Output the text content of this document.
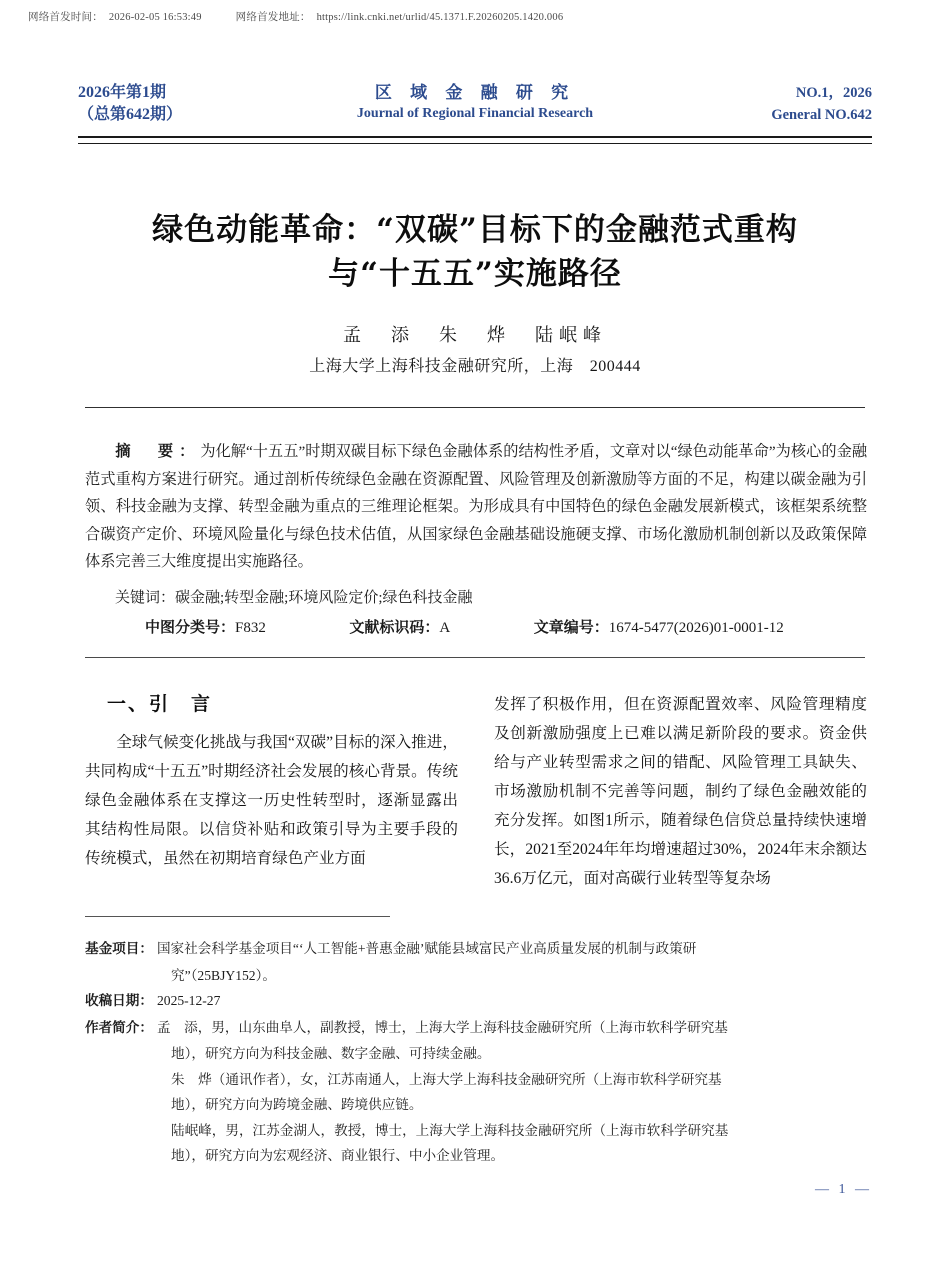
网络首发时间： 2026-02-05 16:53:49	网络首发地址： https://link.cnki.net/urlid/45.1371.F.20260205.1420.006
2026年第1期
（总第642期）
区 域 金 融 研 究
Journal of Regional Financial Research
NO.1，2026
General NO.642
绿色动能革命：“双碳”目标下的金融范式重构
与“十五五”实施路径
孟　添　朱　烨　陆岷峰
上海大学上海科技金融研究所，上海　200444
摘　要：为化解“十五五”时期双碳目标下绿色金融体系的结构性矛盾，文章对以“绿色动能革命”为核心的金融范式重构方案进行研究。通过剖析传统绿色金融在资源配置、风险管理及创新激励等方面的不足，构建以碳金融为引领、科技金融为支撑、转型金融为重点的三维理论框架。为形成具有中国特色的绿色金融发展新模式，该框架系统整合碳资产定价、环境风险量化与绿色技术估值，从国家绿色金融基础设施硬支撑、市场化激励机制创新以及政策保障体系完善三大维度提出实施路径。
关键词：碳金融;转型金融;环境风险定价;绿色科技金融
中图分类号：F832	文献标识码：A	文章编号：1674-5477(2026)01-0001-12
一、引　言

全球气候变化挑战与我国“双碳”目标的深入推进，共同构成“十五五”时期经济社会发展的核心背景。传统绿色金融体系在支撑这一历史性转型时，逐渐显露出其结构性局限。以信贷补贴和政策引导为主要手段的传统模式，虽然在初期培育绿色产业方面

发挥了积极作用，但在资源配置效率、风险管理精度及创新激励强度上已难以满足新阶段的要求。资金供给与产业转型需求之间的错配、风险管理工具缺失、市场激励机制不完善等问题，制约了绿色金融效能的充分发挥。如图1所示，随着绿色信贷总量持续快速增长，2021至2024年年均增速超过30%，2024年末余额达36.6万亿元，面对高碳行业转型等复杂场

基金项目： 国家社会科学基金项目“‘人工智能+普惠金融’赋能县域富民产业高质量发展的机制与政策研
究”（25BJY152）。
收稿日期： 2025-12-27
作者简介： 孟　添，男，山东曲阜人，副教授，博士，上海大学上海科技金融研究所（上海市软科学研究基
地），研究方向为科技金融、数字金融、可持续金融。
朱　烨（通讯作者），女，江苏南通人，上海大学上海科技金融研究所（上海市软科学研究基
地），研究方向为跨境金融、跨境供应链。
陆岷峰，男，江苏金湖人，教授，博士，上海大学上海科技金融研究所（上海市软科学研究基
地），研究方向为宏观经济、商业银行、中小企业管理。
— 1 —
